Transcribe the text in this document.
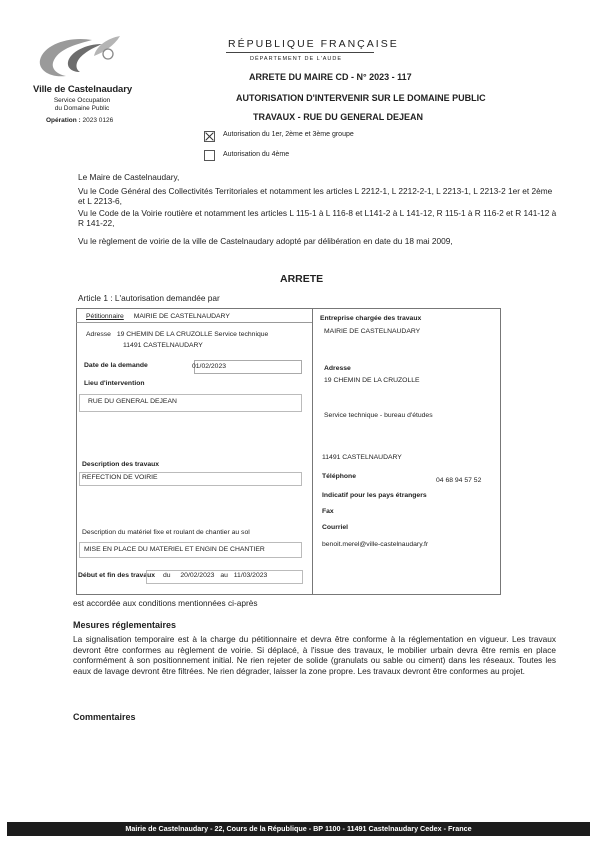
Ville de Castelnaudary
Service Occupation
du Domaine Public
Opération : 2023 0126
RÉPUBLIQUE FRANÇAISE
DÉPARTEMENT DE L'AUDE
ARRETE DU MAIRE CD - N° 2023 - 117
AUTORISATION D'INTERVENIR SUR LE DOMAINE PUBLIC
TRAVAUX - RUE DU GENERAL DEJEAN
Autorisation du 1er, 2ème et 3ème groupe
Autorisation du 4ème
Le Maire de Castelnaudary,
Vu le Code Général des Collectivités Territoriales et notamment les articles L 2212-1, L 2212-2-1, L 2213-1, L 2213-2 1er et 2ème et L 2213-6,
Vu le Code de la Voirie routière et notamment les articles L 115-1 à L 116-8 et L141-2 à L 141-12, R 115-1 à R 116-2 et R 141-12 à R 141-22,
Vu le règlement de voirie de la ville de Castelnaudary adopté par délibération en date du 18 mai 2009,
ARRETE
Article 1 : L'autorisation demandée par
Pétitionnaire MAIRIE DE CASTELNAUDARY
Adresse 19 CHEMIN DE LA CRUZOLLE Service technique
11491 CASTELNAUDARY
Date de la demande	01/02/2023
Lieu d'intervention
RUE DU GENERAL DEJEAN
Description des travaux
REFECTION DE VOIRIE
Description du matériel fixe et roulant de chantier au sol
MISE EN PLACE DU MATERIEL ET ENGIN DE CHANTIER
Début et fin des travaux du 20/02/2023 au 11/03/2023
Entreprise chargée des travaux
MAIRIE DE CASTELNAUDARY
Adresse
19 CHEMIN DE LA CRUZOLLE
Service technique - bureau d'études
11491 CASTELNAUDARY
Téléphone
04 68 94 57 52
Indicatif pour les pays étrangers
Fax
Courriel
benoit.merel@ville-castelnaudary.fr
est accordée aux conditions mentionnées ci-après
Mesures réglementaires
La signalisation temporaire est à la charge du pétitionnaire et devra être conforme à la réglementation en vigueur. Les travaux devront être conformes au règlement de voirie. Si déplacé, à l'issue des travaux, le mobilier urbain devra être remis en place conformément à son positionnement initial. Ne rien rejeter de solide (granulats ou sable ou ciment) dans les réseaux. Toutes les eaux de lavage devront être filtrées. Ne rien dégrader, laisser la zone propre. Les travaux devront être conformes au projet.
Commentaires
Mairie de Castelnaudary - 22, Cours de la République - BP 1100 - 11491 Castelnaudary Cedex - France
